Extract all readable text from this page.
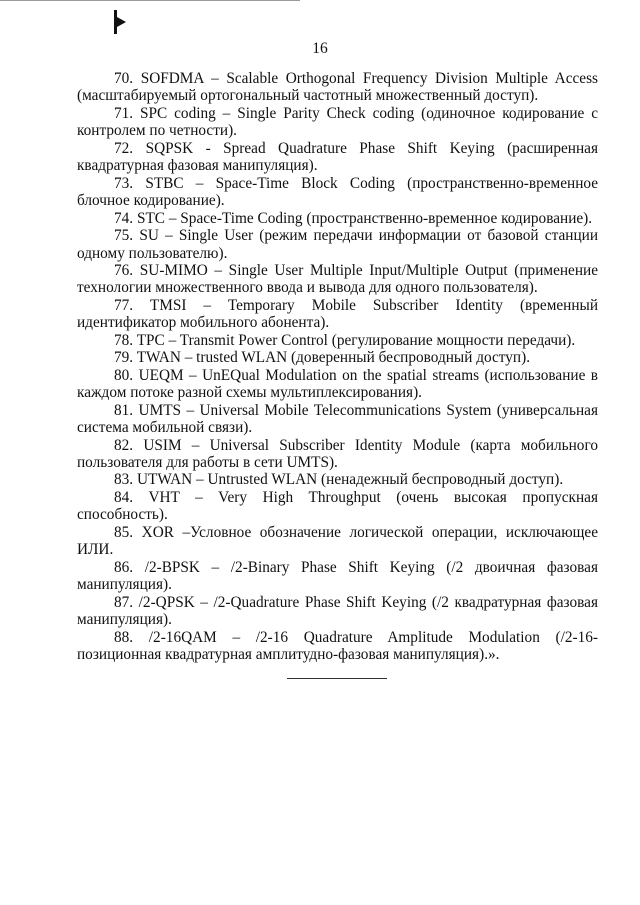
16

70. SOFDMA – Scalable Orthogonal Frequency Division Multiple Access (масштабируемый ортогональный частотный множественный доступ).

71. SPC coding – Single Parity Check coding (одиночное кодирование с контролем по четности).

72. SQPSK - Spread Quadrature Phase Shift Keying (расширенная квадратурная фазовая манипуляция).

73. STBC – Space-Time Block Coding (пространственно-временное блочное кодирование).

74. STC – Space-Time Coding (пространственно-временное кодирование).

75. SU – Single User (режим передачи информации от базовой станции одному пользователю).

76. SU-MIMO – Single User Multiple Input/Multiple Output (применение технологии множественного ввода и вывода для одного пользователя).

77. TMSI – Temporary Mobile Subscriber Identity (временный идентификатор мобильного абонента).

78. TPC – Transmit Power Control (регулирование мощности передачи).

79. TWAN – trusted WLAN (доверенный беспроводный доступ).

80. UEQM – UnEQual Modulation on the spatial streams (использование в каждом потоке разной схемы мультиплексирования).

81. UMTS – Universal Mobile Telecommunications System (универсальная система мобильной связи).

82. USIM – Universal Subscriber Identity Module (карта мобильного пользователя для работы в сети UMTS).

83. UTWAN – Untrusted WLAN (ненадежный беспроводный доступ).

84. VHT – Very High Throughput (очень высокая пропускная способность).

85. XOR –Условное обозначение логической операции, исключающее ИЛИ.

86. /2-BPSK – /2-Binary Phase Shift Keying (/2 двоичная фазовая манипуляция).

87. /2-QPSK – /2-Quadrature Phase Shift Keying (/2 квадратурная фазовая манипуляция).

88. /2-16QAM – /2-16 Quadrature Amplitude Modulation (/2-16-позиционная квадратурная амплитудно-фазовая манипуляция).».
